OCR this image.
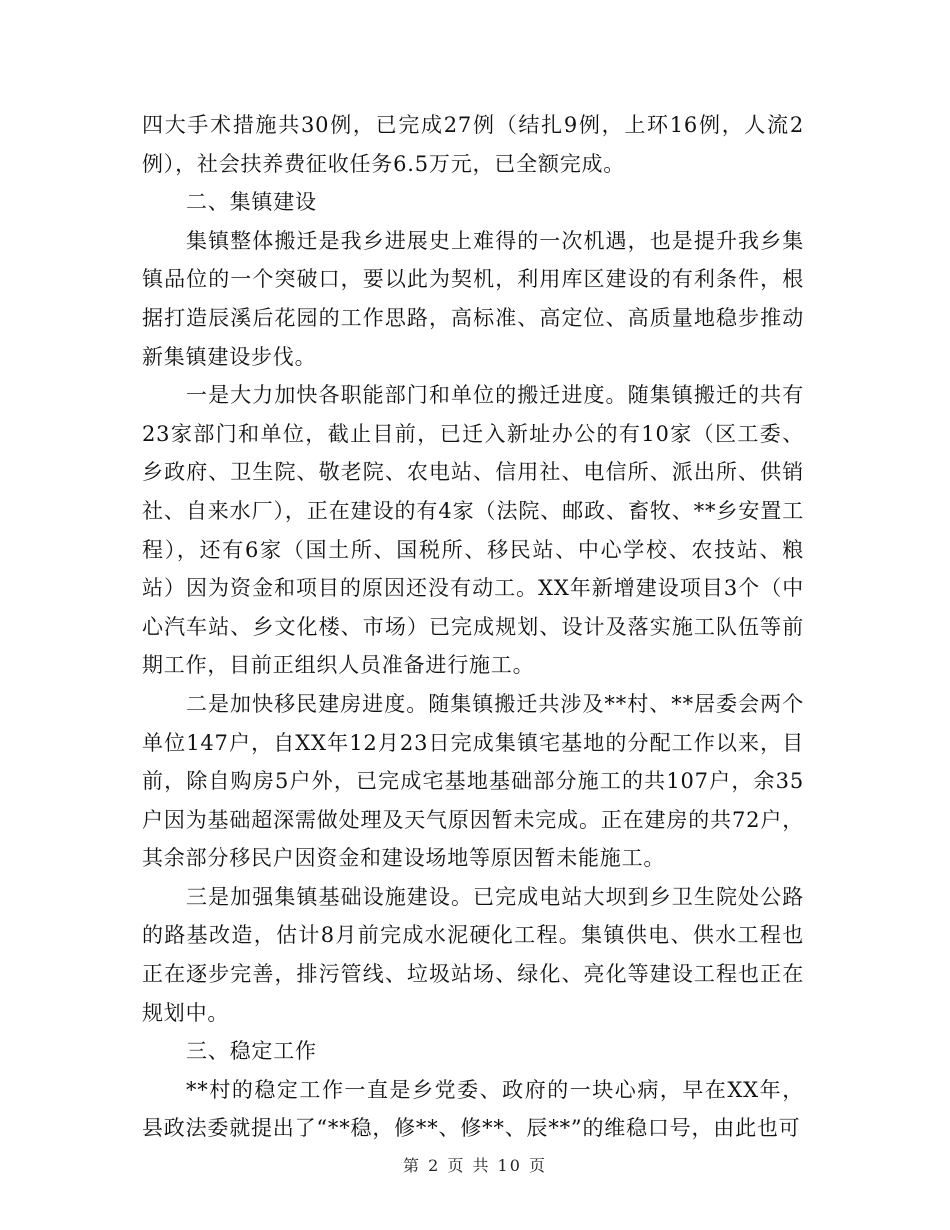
四大手术措施共30例，已完成27例（结扎9例，上环16例，人流2例），社会扶养费征收任务6.5万元，已全额完成。

二、集镇建设

集镇整体搬迁是我乡进展史上难得的一次机遇，也是提升我乡集镇品位的一个突破口，要以此为契机，利用库区建设的有利条件，根据打造辰溪后花园的工作思路，高标准、高定位、高质量地稳步推动新集镇建设步伐。

一是大力加快各职能部门和单位的搬迁进度。随集镇搬迁的共有23家部门和单位，截止目前，已迁入新址办公的有10家（区工委、乡政府、卫生院、敬老院、农电站、信用社、电信所、派出所、供销社、自来水厂），正在建设的有4家（法院、邮政、畜牧、**乡安置工程），还有6家（国土所、国税所、移民站、中心学校、农技站、粮站）因为资金和项目的原因还没有动工。XX年新增建设项目3个（中心汽车站、乡文化楼、市场）已完成规划、设计及落实施工队伍等前期工作，目前正组织人员准备进行施工。

二是加快移民建房进度。随集镇搬迁共涉及**村、**居委会两个单位147户，自XX年12月23日完成集镇宅基地的分配工作以来，目前，除自购房5户外，已完成宅基地基础部分施工的共107户，余35户因为基础超深需做处理及天气原因暂未完成。正在建房的共72户，其余部分移民户因资金和建设场地等原因暂未能施工。

三是加强集镇基础设施建设。已完成电站大坝到乡卫生院处公路的路基改造，估计8月前完成水泥硬化工程。集镇供电、供水工程也正在逐步完善，排污管线、垃圾站场、绿化、亮化等建设工程也正在规划中。

三、稳定工作

**村的稳定工作一直是乡党委、政府的一块心病，早在XX年，县政法委就提出了“**稳，修**、修**、辰**”的维稳口号，由此也可

第 2 页 共 10 页
